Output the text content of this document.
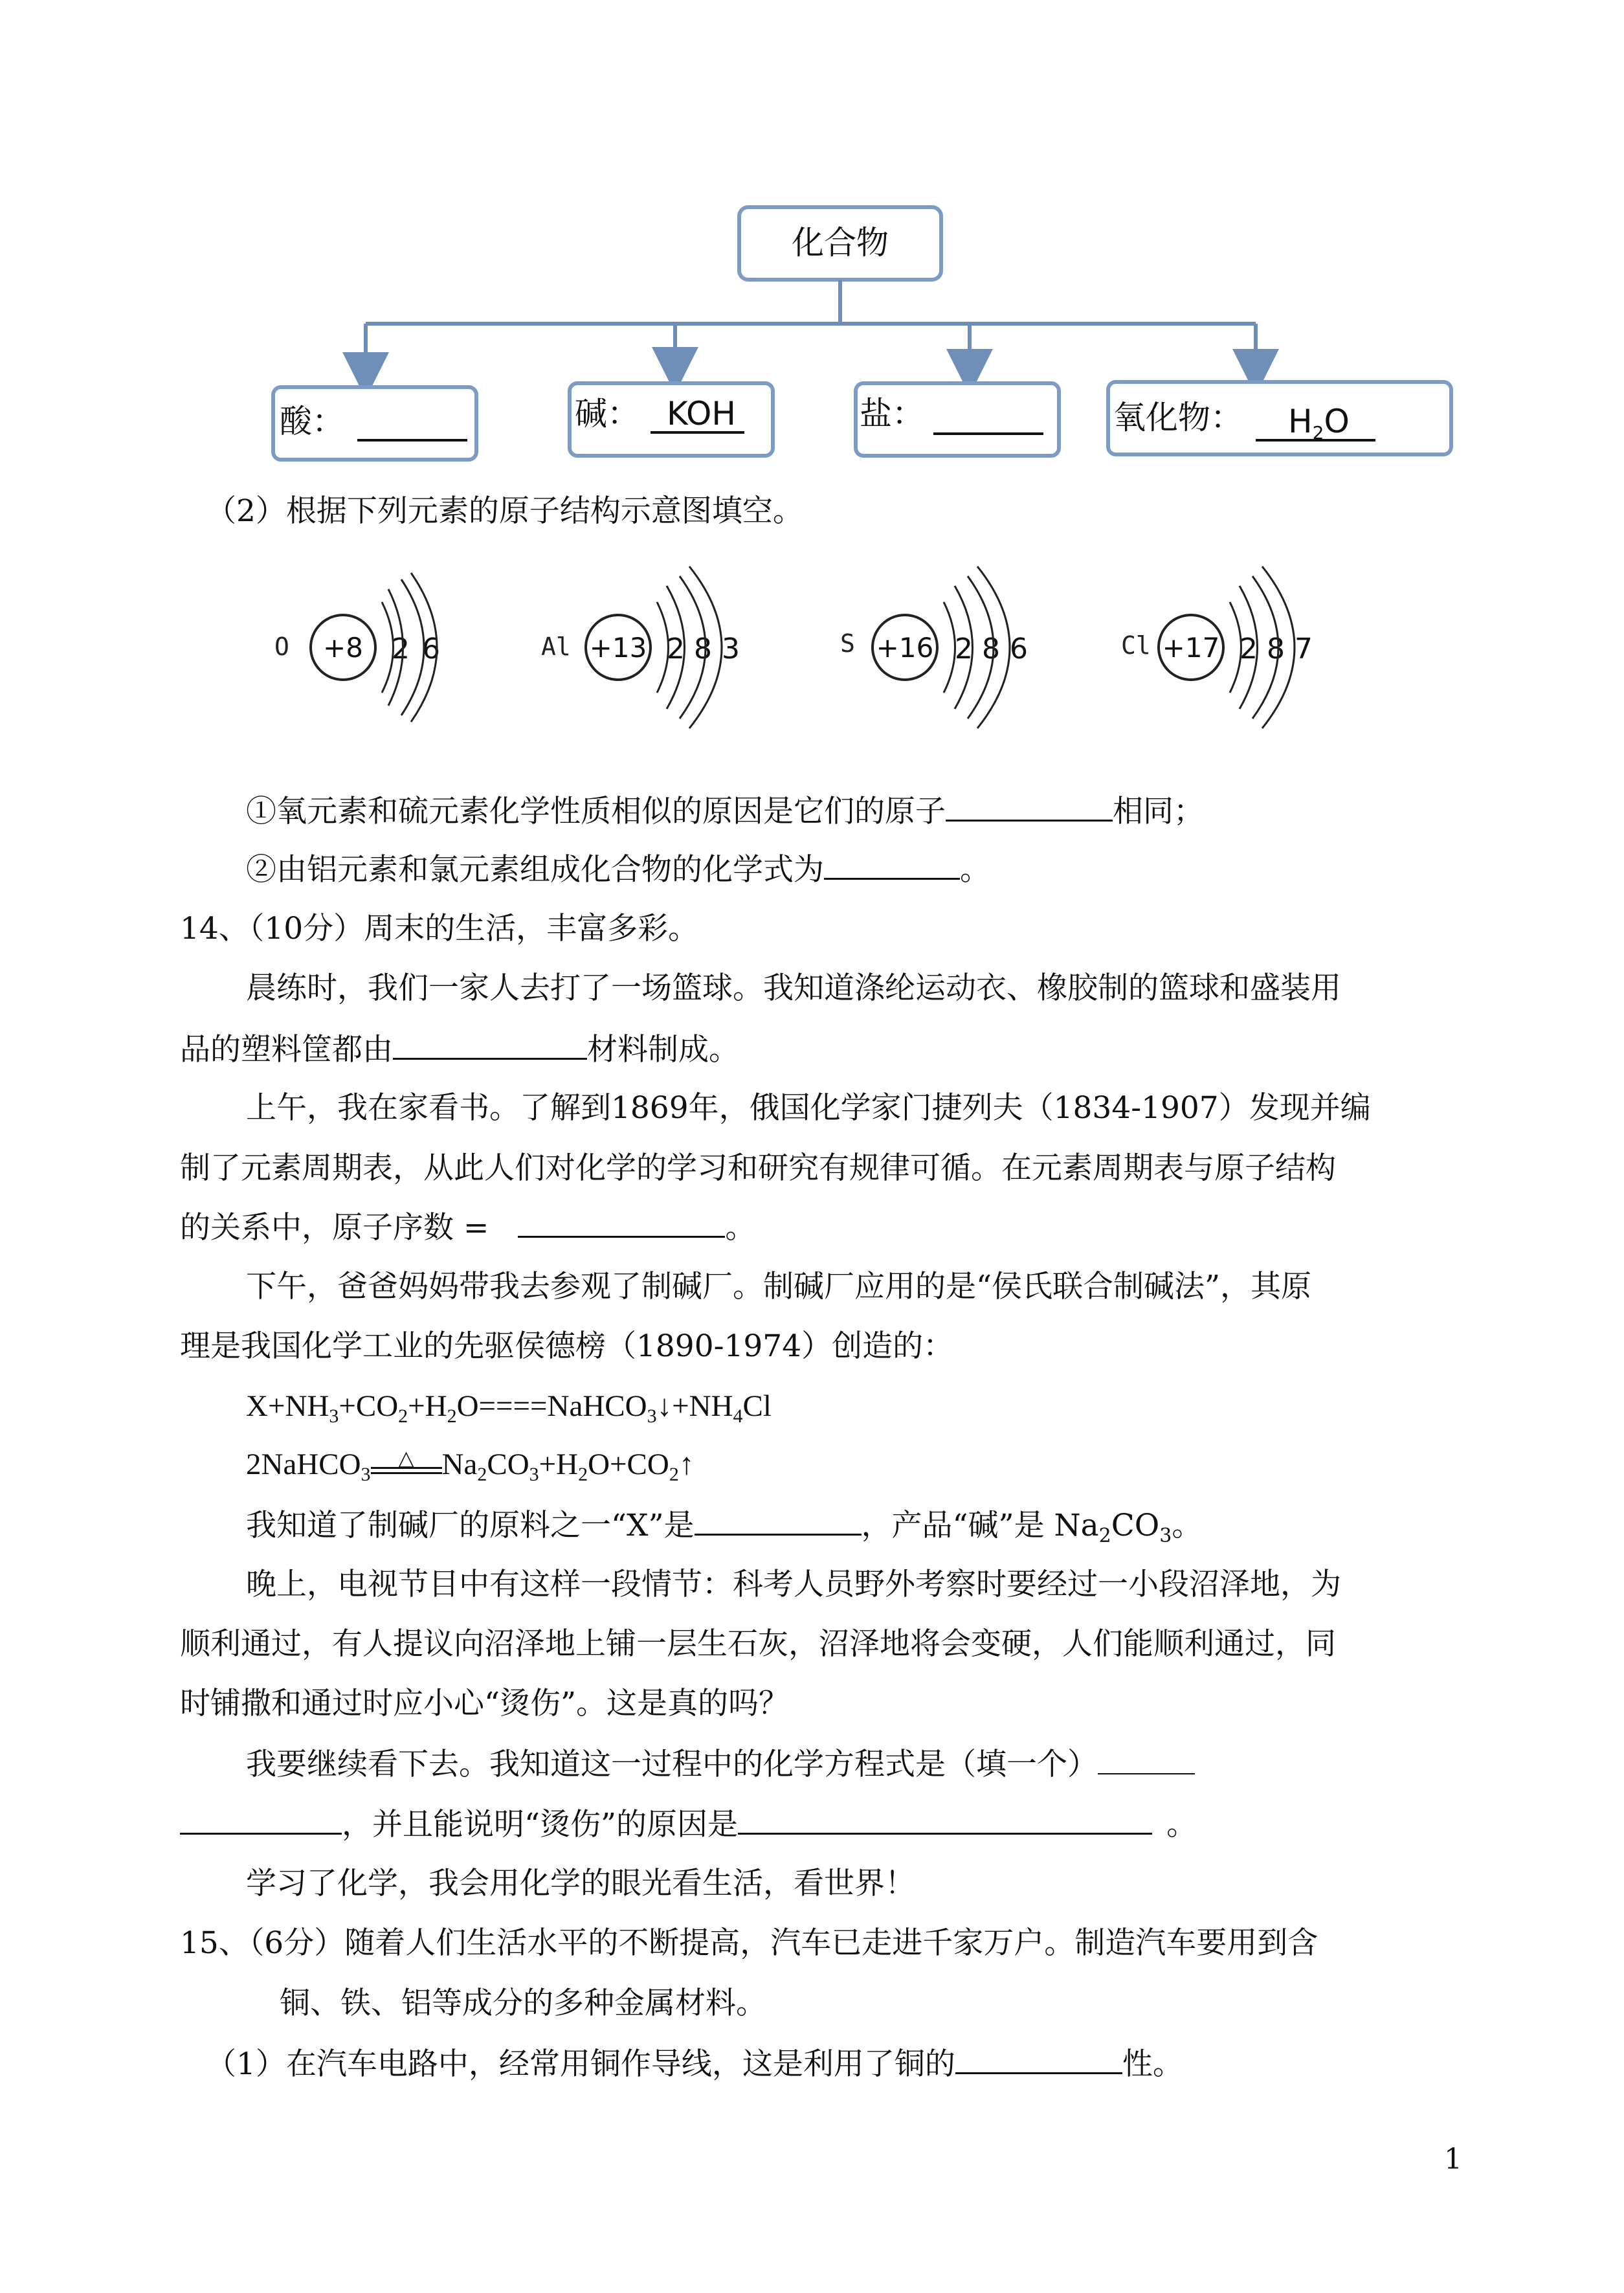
化合物
酸：	碱： KOH	盐：	氧化物： $H_2O$
（2）根据下列元素的原子结构示意图填空。
O +8 2 6	Al +13 2 8 3	S +16 2 8 6	Cl +17 2 8 7
①氧元素和硫元素化学性质相似的原因是它们的原子	相同；
②由铝元素和氯元素组成化合物的化学式为	。
14、（10分）周末的生活，丰富多彩。
晨练时，我们一家人去打了一场篮球。我知道涤纶运动衣、橡胶制的篮球和盛装用
品的塑料筐都由	材料制成。
上午，我在家看书。了解到1869年，俄国化学家门捷列夫（1834-1907）发现并编
制了元素周期表，从此人们对化学的学习和研究有规律可循。在元素周期表与原子结构
的关系中，原子序数 =	。
下午，爸爸妈妈带我去参观了制碱厂。制碱厂应用的是“侯氏联合制碱法”，其原
理是我国化学工业的先驱侯德榜（1890-1974）创造的：
$X+NH_3+CO_2+H_2O====NaHCO_3↓+NH_4Cl$
2NaHCO$_3$△ $Na_2CO_3+H_2O+CO_2↑$
我知道了制碱厂的原料之一“X”是	，产品“碱”是 $Na_2CO_3$。
晚上，电视节目中有这样一段情节：科考人员野外考察时要经过一小段沼泽地，为
顺利通过，有人提议向沼泽地上铺一层生石灰，沼泽地将会变硬，人们能顺利通过，同
时铺撒和通过时应小心“烫伤”。这是真的吗？
我要继续看下去。我知道这一过程中的化学方程式是（填一个）
，并且能说明“烫伤”的原因是	。
学习了化学，我会用化学的眼光看生活，看世界！
15、（6分）随着人们生活水平的不断提高，汽车已走进千家万户。制造汽车要用到含
铜、铁、铝等成分的多种金属材料。
（1）在汽车电路中，经常用铜作导线，这是利用了铜的	性。
1
